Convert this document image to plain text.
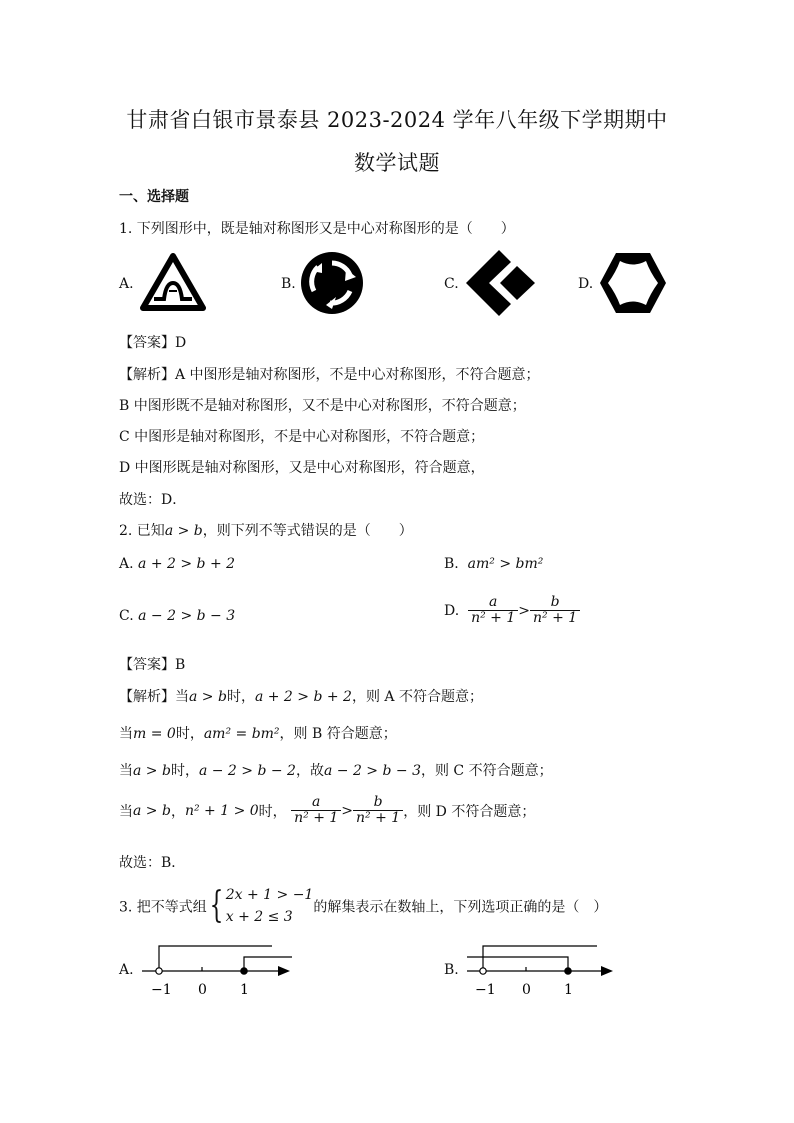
甘肃省白银市景泰县 2023-2024 学年八年级下学期期中
数学试题
一、选择题
1. 下列图形中，既是轴对称图形又是中心对称图形的是（　　）
A.	B.	C.	D.
【答案】D
【解析】A 中图形是轴对称图形，不是中心对称图形，不符合题意；
B 中图形既不是轴对称图形，又不是中心对称图形，不符合题意；
C 中图形是轴对称图形，不是中心对称图形，不符合题意；
D 中图形既是轴对称图形，又是中心对称图形，符合题意，
故选：D．
2. 已知a > b，则下列不等式错误的是（　　）
A. a + 2 > b + 2	B. am² > bm²
C. a − 2 > b − 3	D. $\frac{a}{\text{n² + 1}} > \frac{b}{\text{n² + 1}}$
【答案】B
【解析】当a > b时，a + 2 > b + 2，则 A 不符合题意；
当m = 0时，am² = bm²，则 B 符合题意；
当a > b时，a − 2 > b − 2，故a − 2 > b − 3，则 C 不符合题意；
当a > b，n² + 1 > 0时， $\frac{a}{\text{n² + 1}} > \frac{b}{\text{n² + 1}}$ ，则 D 不符合题意；
故选：B．
3. 把不等式组{ 2x + 1 > −1
x + 2 ≤ 3
的解集表示在数轴上，下列选项正确的是（　）
A.
−1 0 1
B.
−1 0 1
